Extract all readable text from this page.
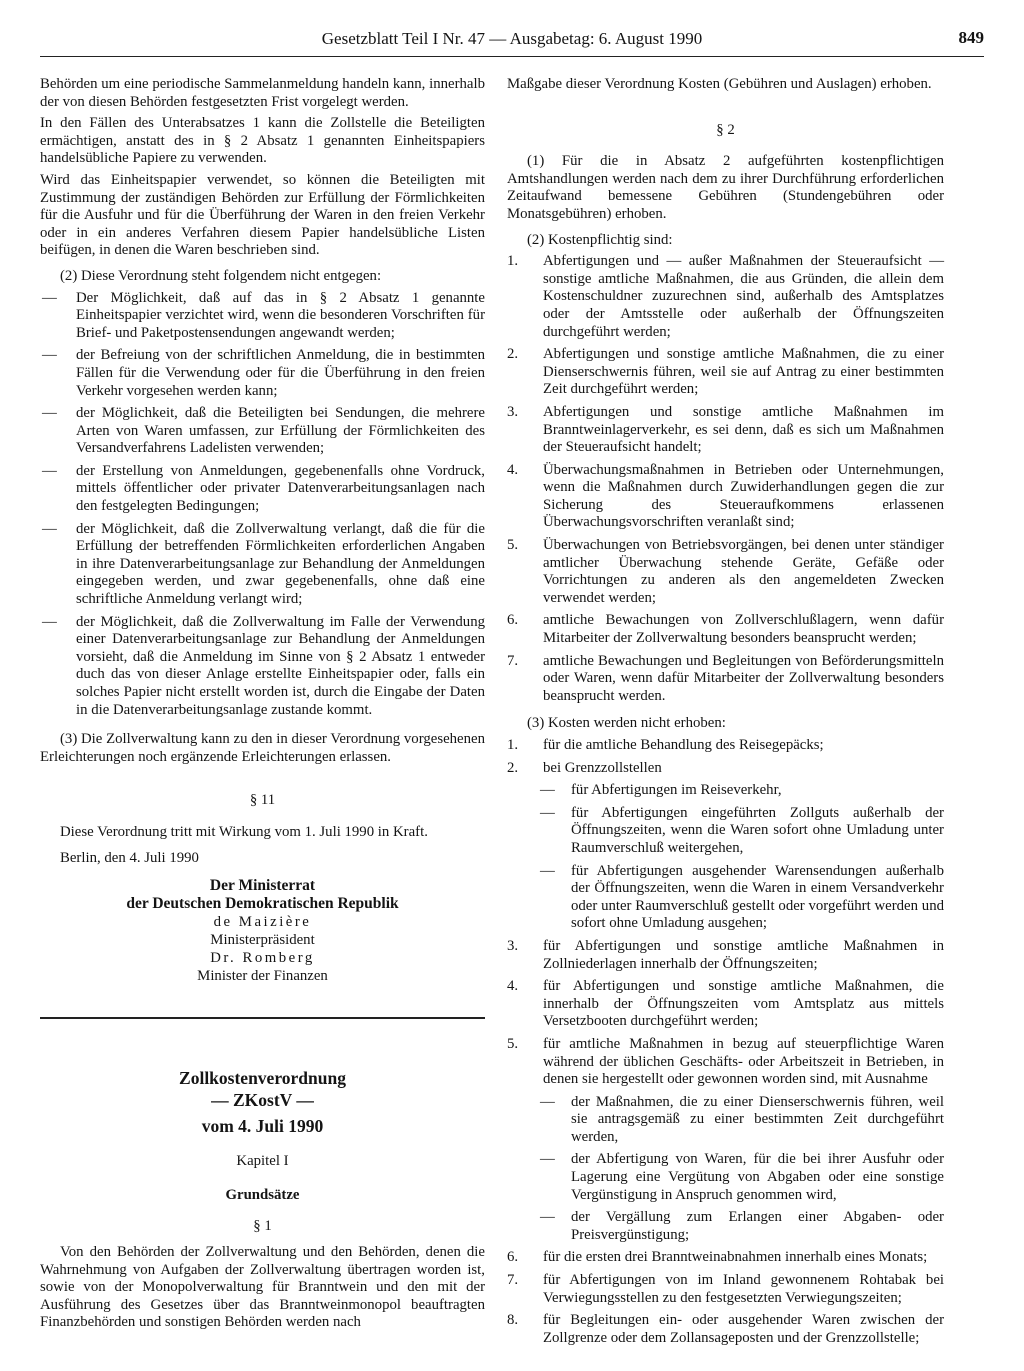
Gesetzblatt Teil I Nr. 47 — Ausgabetag: 6. August 1990	849

Behörden um eine periodische Sammelanmeldung handeln kann, innerhalb der von diesen Behörden festgesetzten Frist vorgelegt werden.

In den Fällen des Unterabsatzes 1 kann die Zollstelle die Beteiligten ermächtigen, anstatt des in § 2 Absatz 1 genannten Einheitspapiers handelsübliche Papiere zu verwenden.

Wird das Einheitspapier verwendet, so können die Beteiligten mit Zustimmung der zuständigen Behörden zur Erfüllung der Förmlichkeiten für die Ausfuhr und für die Überführung der Waren in den freien Verkehr oder in ein anderes Verfahren diesem Papier handelsübliche Listen beifügen, in denen die Waren beschrieben sind.

(2) Diese Verordnung steht folgendem nicht entgegen:

—	Der Möglichkeit, daß auf das in § 2 Absatz 1 genannte Einheitspapier verzichtet wird, wenn die besonderen Vorschriften für Brief- und Paketpostensendungen angewandt werden;
—	der Befreiung von der schriftlichen Anmeldung, die in bestimmten Fällen für die Verwendung oder für die Überführung in den freien Verkehr vorgesehen werden kann;
—	der Möglichkeit, daß die Beteiligten bei Sendungen, die mehrere Arten von Waren umfassen, zur Erfüllung der Förmlichkeiten des Versandverfahrens Ladelisten verwenden;
—	der Erstellung von Anmeldungen, gegebenenfalls ohne Vordruck, mittels öffentlicher oder privater Datenverarbeitungsanlagen nach den festgelegten Bedingungen;
—	der Möglichkeit, daß die Zollverwaltung verlangt, daß die für die Erfüllung der betreffenden Förmlichkeiten erforderlichen Angaben in ihre Datenverarbeitungsanlage zur Behandlung der Anmeldungen eingegeben werden, und zwar gegebenenfalls, ohne daß eine schriftliche Anmeldung verlangt wird;
—	der Möglichkeit, daß die Zollverwaltung im Falle der Verwendung einer Datenverarbeitungsanlage zur Behandlung der Anmeldungen vorsieht, daß die Anmeldung im Sinne von § 2 Absatz 1 entweder duch das von dieser Anlage erstellte Einheitspapier oder, falls ein solches Papier nicht erstellt worden ist, durch die Eingabe der Daten in die Datenverarbeitungsanlage zustande kommt.

(3) Die Zollverwaltung kann zu den in dieser Verordnung vorgesehenen Erleichterungen noch ergänzende Erleichterungen erlassen.

§ 11

Diese Verordnung tritt mit Wirkung vom 1. Juli 1990 in Kraft.

Berlin, den 4. Juli 1990

Der Ministerrat
der Deutschen Demokratischen Republik
de Maizière
Ministerpräsident
Dr. Romberg
Minister der Finanzen
Zollkostenverordnung
— ZKostV —
vom 4. Juli 1990
Kapitel I
Grundsätze
§ 1

Von den Behörden der Zollverwaltung und den Behörden, denen die Wahrnehmung von Aufgaben der Zollverwaltung übertragen worden ist, sowie von der Monopolverwaltung für Branntwein und den mit der Ausführung des Gesetzes über das Branntweinmonopol beauftragten Finanzbehörden und sonstigen Behörden werden nach

Maßgabe dieser Verordnung Kosten (Gebühren und Auslagen) erhoben.

§ 2

(1) Für die in Absatz 2 aufgeführten kostenpflichtigen Amtshandlungen werden nach dem zu ihrer Durchführung erforderlichen Zeitaufwand bemessene Gebühren (Stundengebühren oder Monatsgebühren) erhoben.

(2) Kostenpflichtig sind:

1.	Abfertigungen und — außer Maßnahmen der Steueraufsicht — sonstige amtliche Maßnahmen, die aus Gründen, die allein dem Kostenschuldner zuzurechnen sind, außerhalb des Amtsplatzes oder der Amtsstelle oder außerhalb der Öffnungszeiten durchgeführt werden;
2.	Abfertigungen und sonstige amtliche Maßnahmen, die zu einer Dienserschwernis führen, weil sie auf Antrag zu einer bestimmten Zeit durchgeführt werden;
3.	Abfertigungen und sonstige amtliche Maßnahmen im Branntweinlagerverkehr, es sei denn, daß es sich um Maßnahmen der Steueraufsicht handelt;
4.	Überwachungsmaßnahmen in Betrieben oder Unternehmungen, wenn die Maßnahmen durch Zuwiderhandlungen gegen die zur Sicherung des Steueraufkommens erlassenen Überwachungsvorschriften veranlaßt sind;
5.	Überwachungen von Betriebsvorgängen, bei denen unter ständiger amtlicher Überwachung stehende Geräte, Gefäße oder Vorrichtungen zu anderen als den angemeldeten Zwecken verwendet werden;
6.	amtliche Bewachungen von Zollverschlußlagern, wenn dafür Mitarbeiter der Zollverwaltung besonders beansprucht werden;
7.	amtliche Bewachungen und Begleitungen von Beförderungsmitteln oder Waren, wenn dafür Mitarbeiter der Zollverwaltung besonders beansprucht werden.

(3) Kosten werden nicht erhoben:

1.	für die amtliche Behandlung des Reisegepäcks;
2.	bei Grenzzollstellen
— für Abfertigungen im Reiseverkehr,
— für Abfertigungen eingeführten Zollguts außerhalb der Öffnungszeiten, wenn die Waren sofort ohne Umladung unter Raumverschluß weitergehen,
— für Abfertigungen ausgehender Warensendungen außerhalb der Öffnungszeiten, wenn die Waren in einem Versandverkehr oder unter Raumverschluß gestellt oder vorgeführt werden und sofort ohne Umladung ausgehen;
3.	für Abfertigungen und sonstige amtliche Maßnahmen in Zollniederlagen innerhalb der Öffnungszeiten;
4.	für Abfertigungen und sonstige amtliche Maßnahmen, die innerhalb der Öffnungszeiten vom Amtsplatz aus mittels Versetzbooten durchgeführt werden;
5.	für amtliche Maßnahmen in bezug auf steuerpflichtige Waren während der üblichen Geschäfts- oder Arbeitszeit in Betrieben, in denen sie hergestellt oder gewonnen worden sind, mit Ausnahme
— der Maßnahmen, die zu einer Dienserschwernis führen, weil sie antragsgemäß zu einer bestimmten Zeit durchgeführt werden,
— der Abfertigung von Waren, für die bei ihrer Ausfuhr oder Lagerung eine Vergütung von Abgaben oder eine sonstige Vergünstigung in Anspruch genommen wird,
— der Vergällung zum Erlangen einer Abgaben- oder Preisvergünstigung;
6.	für die ersten drei Branntweinabnahmen innerhalb eines Monats;
7.	für Abfertigungen von im Inland gewonnenem Rohtabak bei Verwiegungsstellen zu den festgesetzten Verwiegungszeiten;
8.	für Begleitungen ein- oder ausgehender Waren zwischen der Zollgrenze oder dem Zollansageposten und der Grenzzollstelle;
